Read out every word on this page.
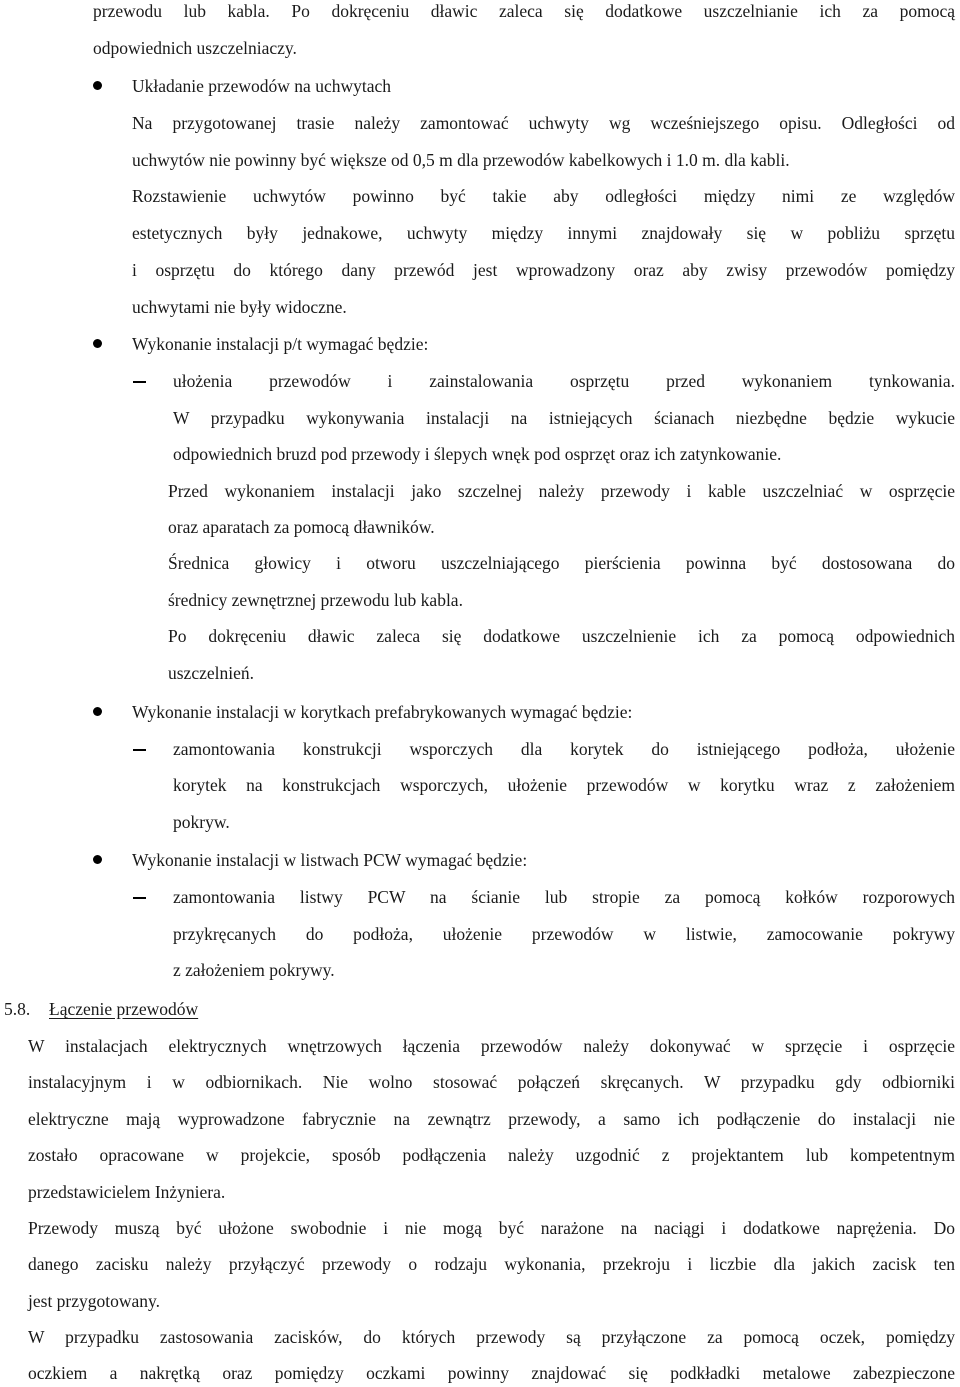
przewodu lub kabla. Po dokręceniu dławic zaleca się dodatkowe uszczelnianie ich za pomocą
odpowiednich uszczelniaczy.
Układanie przewodów na uchwytach
Na przygotowanej trasie należy zamontować uchwyty wg wcześniejszego opisu. Odległości od
uchwytów nie powinny być większe od 0,5 m dla przewodów kabelkowych i 1.0 m. dla kabli.
Rozstawienie uchwytów powinno być takie aby odległości między nimi ze względów
estetycznych były jednakowe, uchwyty między innymi znajdowały się w pobliżu sprzętu
i osprzętu do którego dany przewód jest wprowadzony oraz aby zwisy przewodów pomiędzy
uchwytami nie były widoczne.
Wykonanie instalacji p/t wymagać będzie:
ułożenia przewodów i zainstalowania osprzętu przed wykonaniem tynkowania.
W przypadku wykonywania instalacji na istniejących ścianach niezbędne będzie wykucie
odpowiednich bruzd pod przewody i ślepych wnęk pod osprzęt oraz ich zatynkowanie.
Przed wykonaniem instalacji jako szczelnej należy przewody i kable uszczelniać w osprzęcie
oraz aparatach za pomocą dławników.
Średnica głowicy i otworu uszczelniającego pierścienia powinna być dostosowana do
średnicy zewnętrznej przewodu lub kabla.
Po dokręceniu dławic zaleca się dodatkowe uszczelnienie ich za pomocą odpowiednich
uszczelnień.
Wykonanie instalacji w korytkach prefabrykowanych wymagać będzie:
zamontowania konstrukcji wsporczych dla korytek do istniejącego podłoża, ułożenie
korytek na konstrukcjach wsporczych, ułożenie przewodów w korytku wraz z założeniem
pokryw.
Wykonanie instalacji w listwach PCW wymagać będzie:
zamontowania listwy PCW na ścianie lub stropie za pomocą kołków rozporowych
przykręcanych do podłoża, ułożenie przewodów w listwie, zamocowanie pokrywy
z założeniem pokrywy.
5.8. Łączenie przewodów
W instalacjach elektrycznych wnętrzowych łączenia przewodów należy dokonywać w sprzęcie i osprzęcie
instalacyjnym i w odbiornikach. Nie wolno stosować połączeń skręcanych. W przypadku gdy odbiorniki
elektryczne mają wyprowadzone fabrycznie na zewnątrz przewody, a samo ich podłączenie do instalacji nie
zostało opracowane w projekcie, sposób podłączenia należy uzgodnić z projektantem lub kompetentnym
przedstawicielem Inżyniera.
Przewody muszą być ułożone swobodnie i nie mogą być narażone na naciągi i dodatkowe naprężenia. Do
danego zacisku należy przyłączyć przewody o rodzaju wykonania, przekroju i liczbie dla jakich zacisk ten
jest przygotowany.
W przypadku zastosowania zacisków, do których przewody są przyłączone za pomocą oczek, pomiędzy
oczkiem a nakrętką oraz pomiędzy oczkami powinny znajdować się podkładki metalowe zabezpieczone
